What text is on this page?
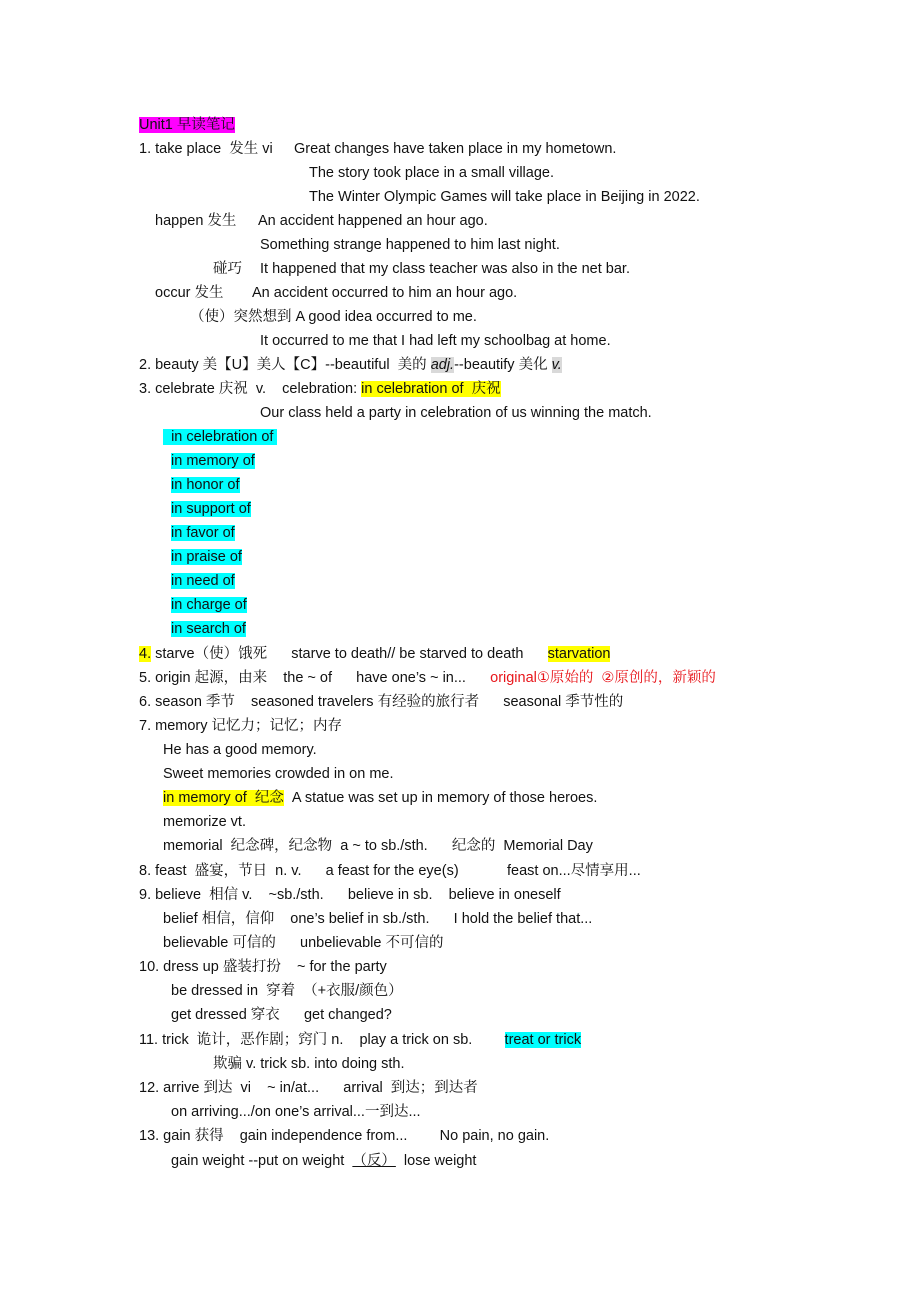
Unit1 早读笔记
1. take place  发生 vi Great changes have taken place in my hometown.
The story took place in a small village.
The Winter Olympic Games will take place in Beijing in 2022.
happen 发生 An accident happened an hour ago.
Something strange happened to him last night.
碰巧 It happened that my class teacher was also in the net bar.
occur 发生 An accident occurred to him an hour ago.
（使）突然想到 A good idea occurred to me.
It occurred to me that I had left my schoolbag at home.
2. beauty 美【U】美人【C】--beautiful  美的 adj.--beautify 美化 v.
3. celebrate 庆祝  v.    celebration: in celebration of  庆祝
Our class held a party in celebration of us winning the match.
in celebration of
in memory of
in honor of
in support of
in favor of
in praise of
in need of
in charge of
in search of
4. starve（使）饿死      starve to death// be starved to death      starvation
5. origin 起源，由来    the ~ of      have one’s ~ in...      original①原始的  ②原创的，新颖的
6. season 季节    seasoned travelers 有经验的旅行者      seasonal 季节性的
7. memory 记忆力；记忆；内存
He has a good memory.
Sweet memories crowded in on me.
in memory of  纪念  A statue was set up in memory of those heroes.
memorize vt.
memorial  纪念碑，纪念物  a ~ to sb./sth.      纪念的  Memorial Day
8. feast  盛宴，节日  n. v.      a feast for the eye(s)            feast on...尽情享用...
9. believe  相信 v.    ~sb./sth.      believe in sb.    believe in oneself
belief 相信，信仰    one’s belief in sb./sth.      I hold the belief that...
believable 可信的      unbelievable 不可信的
10. dress up 盛装打扮    ~ for the party
be dressed in  穿着  （+衣服/颜色）
get dressed 穿衣      get changed?
11. trick  诡计，恶作剧；窍门 n.    play a trick on sb.        treat or trick
欺骗 v. trick sb. into doing sth.
12. arrive 到达  vi    ~ in/at...      arrival  到达；到达者
on arriving.../on one’s arrival...一到达...
13. gain 获得    gain independence from...        No pain, no gain.
gain weight --put on weight  （反）  lose weight
